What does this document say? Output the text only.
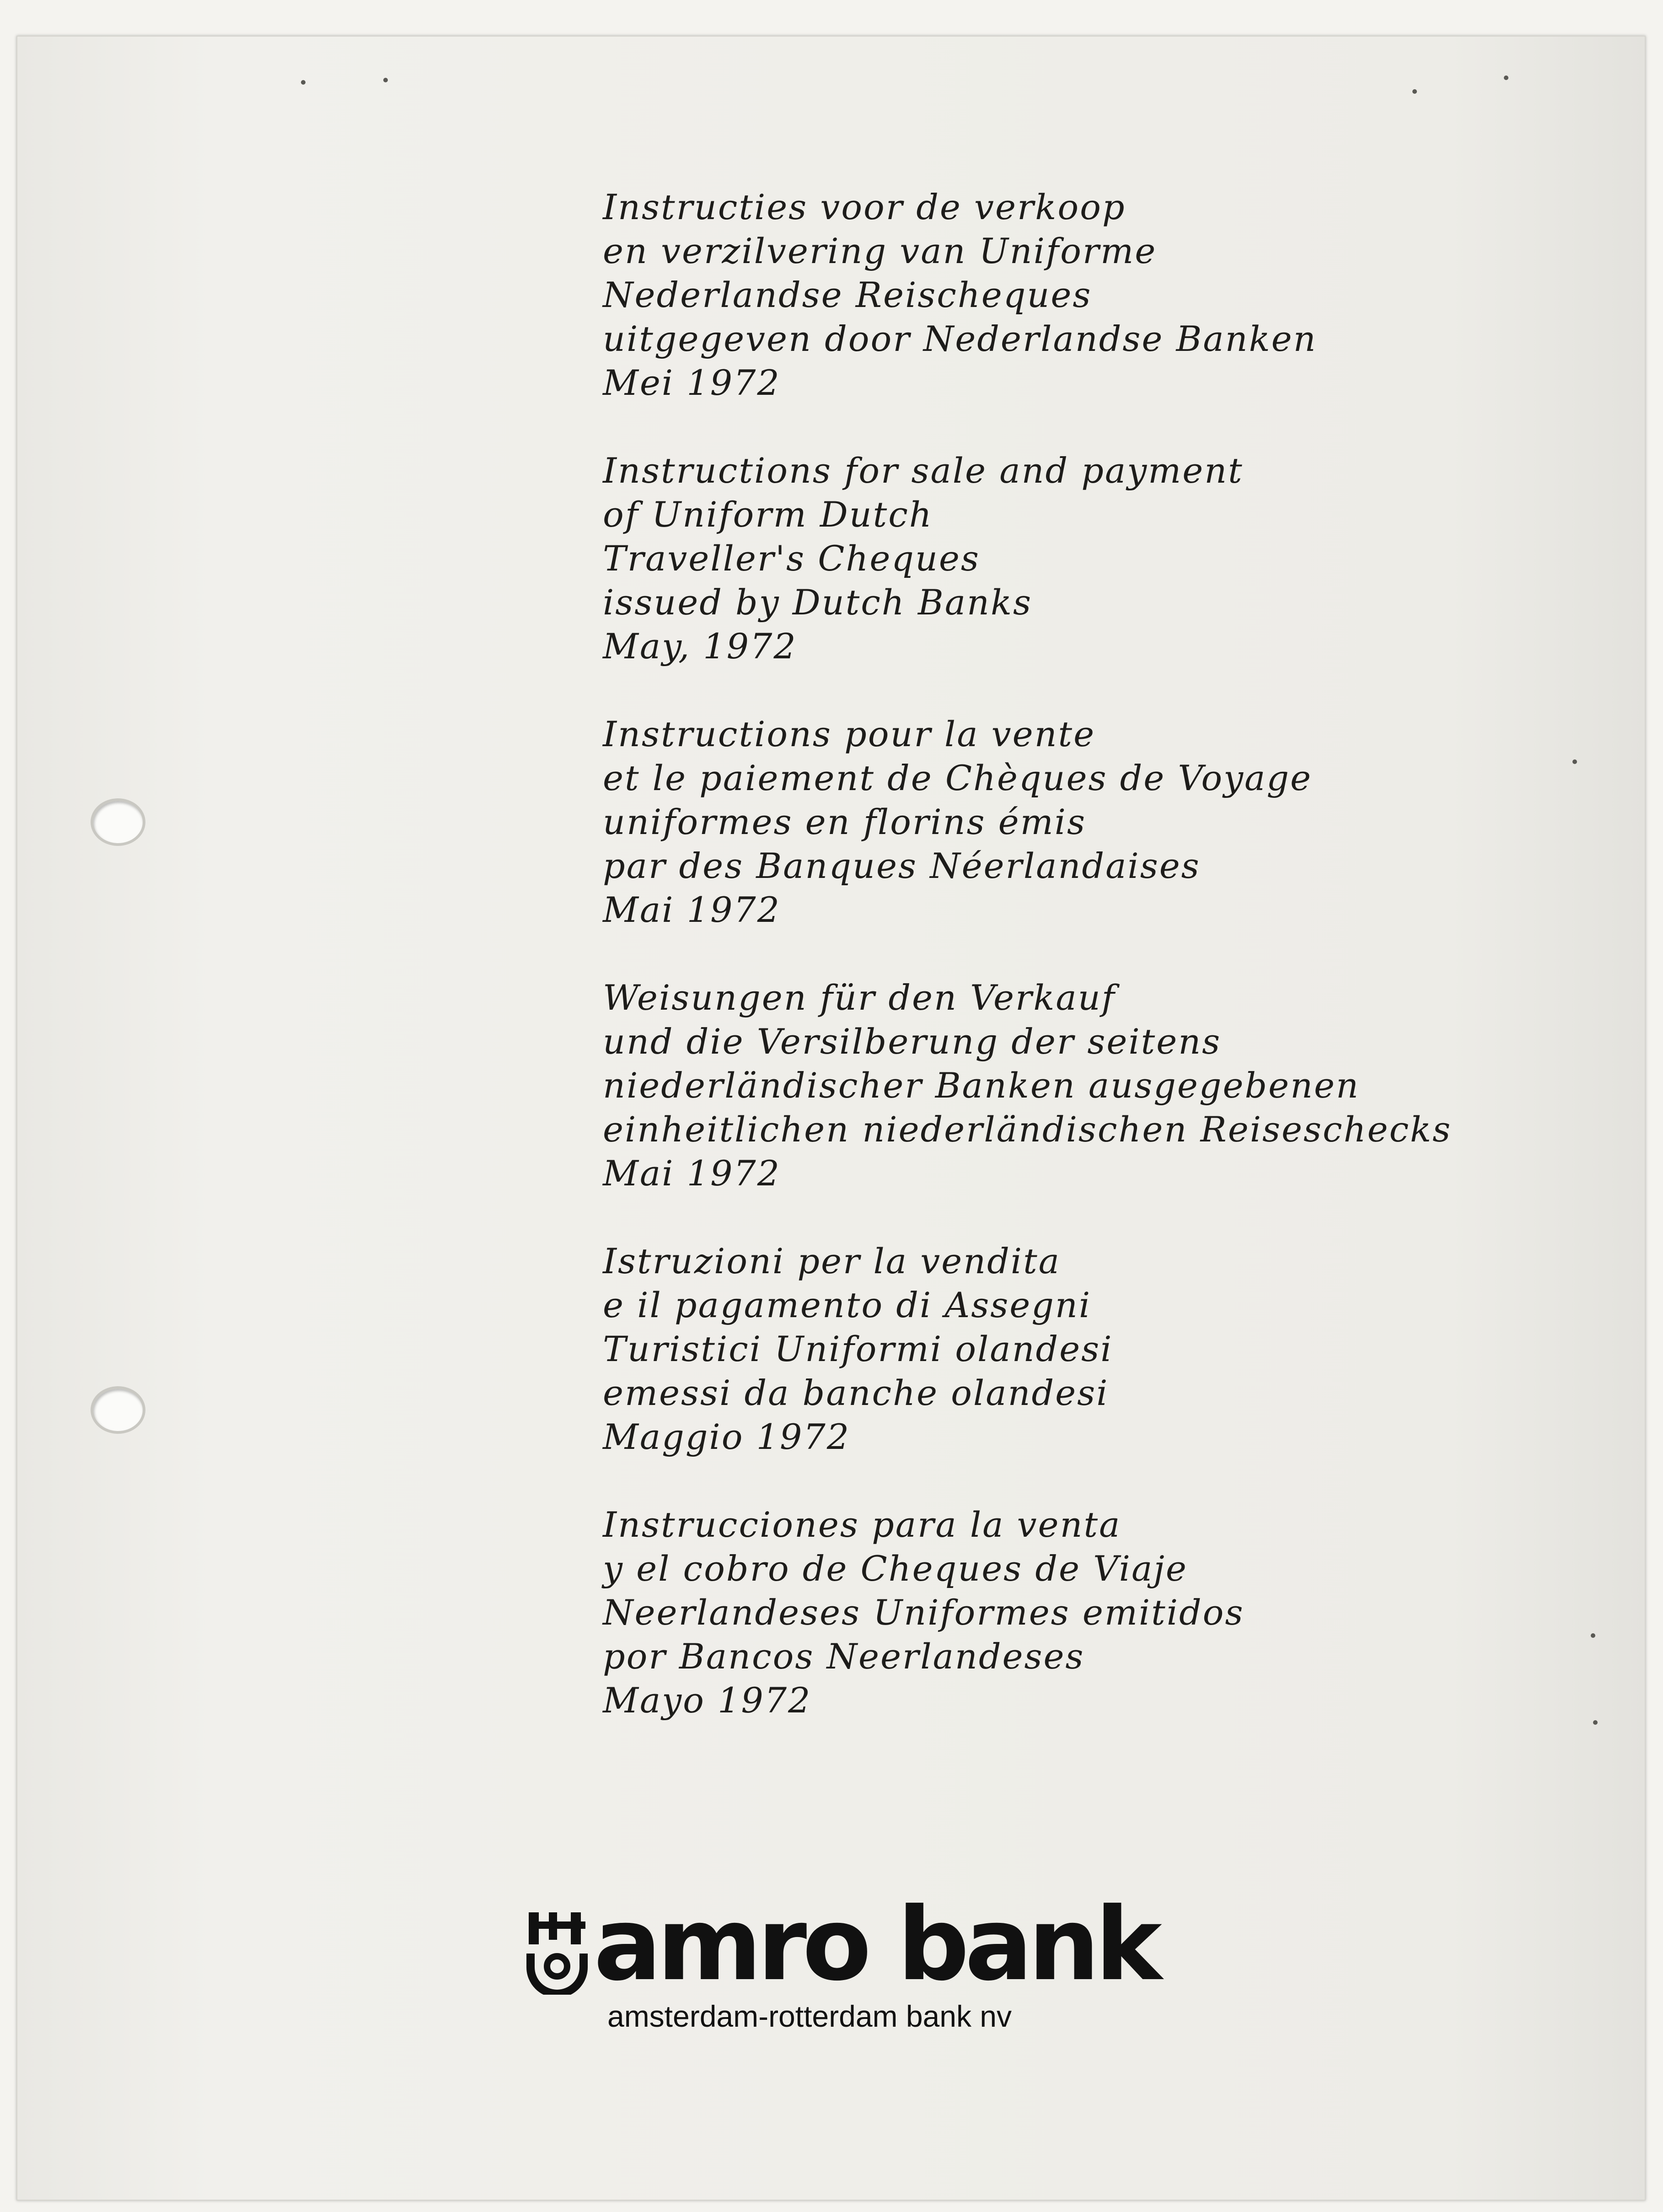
Instructies voor de verkoop
en verzilvering van Uniforme
Nederlandse Reischeques
uitgegeven door Nederlandse Banken
Mei 1972
Instructions for sale and payment
of Uniform Dutch
Traveller's Cheques
issued by Dutch Banks
May, 1972
Instructions pour la vente
et le paiement de Chèques de Voyage
uniformes en florins émis
par des Banques Néerlandaises
Mai 1972
Weisungen für den Verkauf
und die Versilberung der seitens
niederländischer Banken ausgegebenen
einheitlichen niederländischen Reiseschecks
Mai 1972
Istruzioni per la vendita
e il pagamento di Assegni
Turistici Uniformi olandesi
emessi da banche olandesi
Maggio 1972
Instrucciones para la venta
y el cobro de Cheques de Viaje
Neerlandeses Uniformes emitidos
por Bancos Neerlandeses
Mayo 1972
amro bank
amsterdam-rotterdam bank nv
